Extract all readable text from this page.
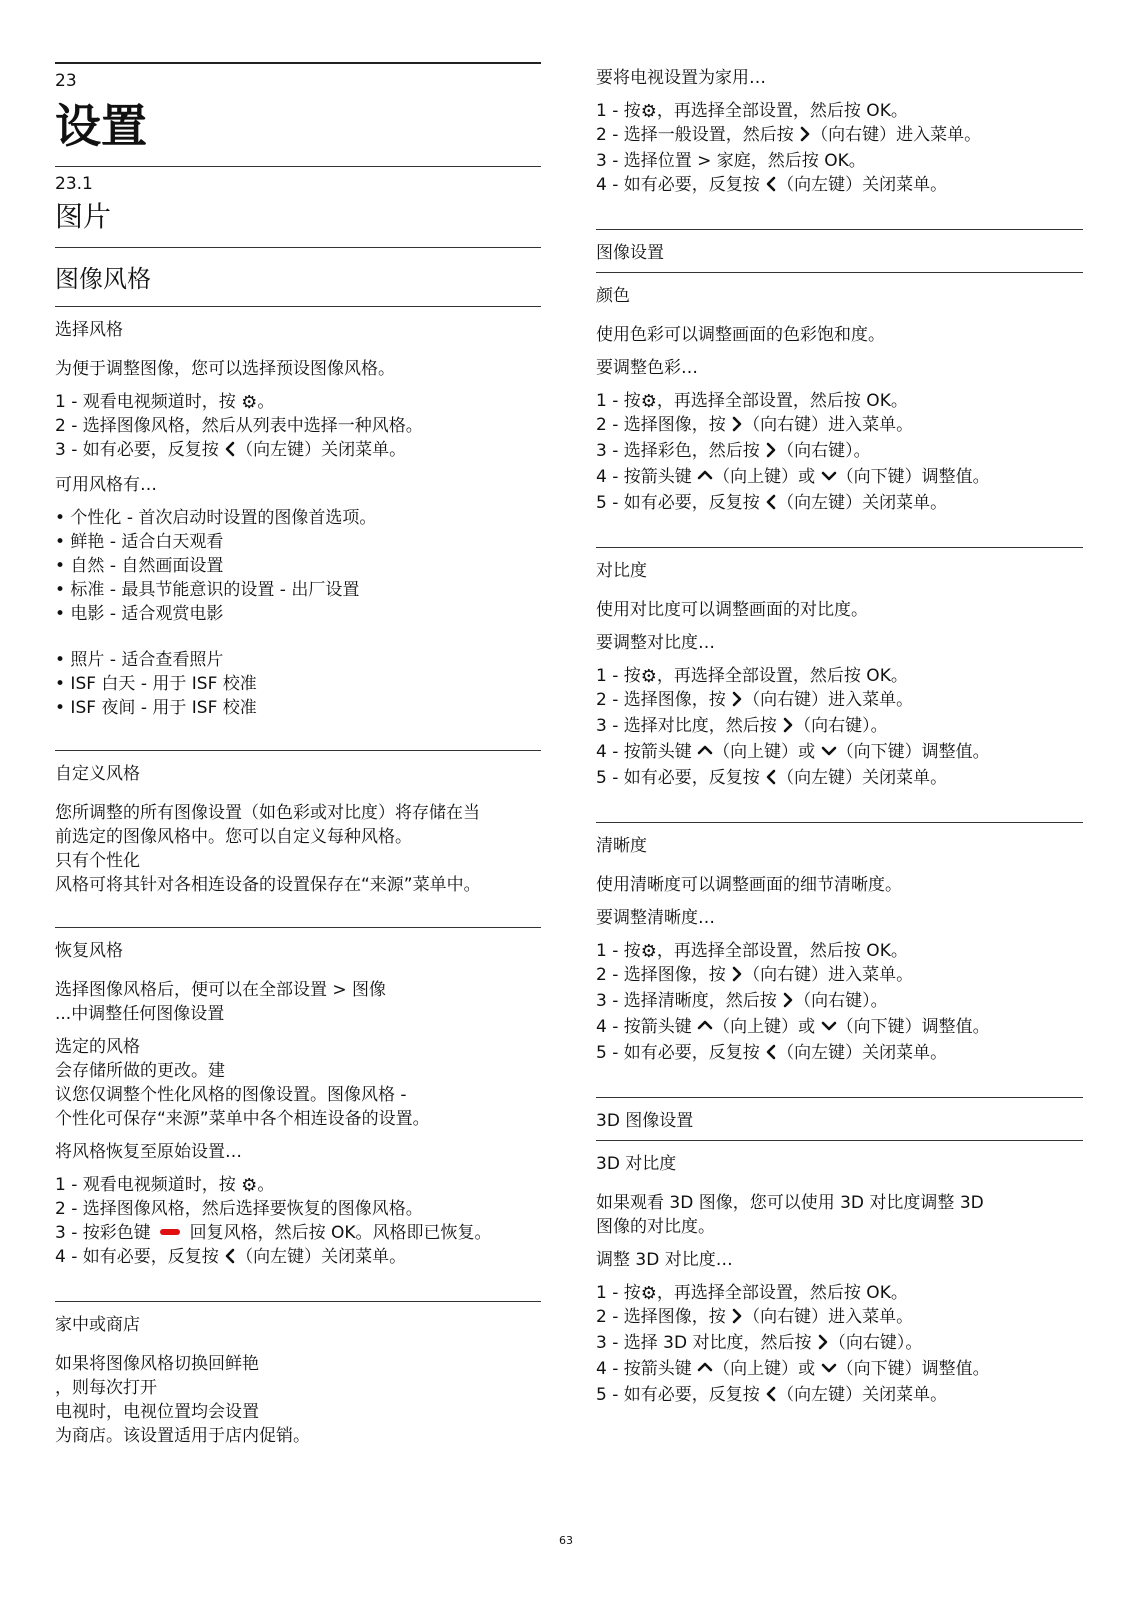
23
设置
23.1
图片
图像风格
选择风格

为便于调整图像，您可以选择预设图像风格。

1 - 观看电视频道时，按 ⚙。

2 - 选择图像风格，然后从列表中选择一种风格。

3 - 如有必要，反复按 （向左键）关闭菜单。

可用风格有…

• 个性化 - 首次启动时设置的图像首选项。

• 鲜艳 - 适合白天观看

• 自然 - 自然画面设置

• 标准 - 最具节能意识的设置 - 出厂设置

• 电影 - 适合观赏电影

• 照片 - 适合查看照片

• ISF 白天 - 用于 ISF 校准

• ISF 夜间 - 用于 ISF 校准

自定义风格

您所调整的所有图像设置（如色彩或对比度）将存储在当

前选定的图像风格中。您可以自定义每种风格。

只有个性化

风格可将其针对各相连设备的设置保存在“来源”菜单中。

恢复风格

选择图像风格后，便可以在全部设置 > 图像

...中调整任何图像设置

选定的风格

会存储所做的更改。建

议您仅调整个性化风格的图像设置。图像风格 -

个性化可保存“来源”菜单中各个相连设备的设置。

将风格恢复至原始设置…

1 - 观看电视频道时，按 ⚙。

2 - 选择图像风格，然后选择要恢复的图像风格。

3 - 按彩色键  回复风格，然后按 OK。风格即已恢复。

4 - 如有必要，反复按 （向左键）关闭菜单。

家中或商店

如果将图像风格切换回鲜艳

，则每次打开

电视时，电视位置均会设置

为商店。该设置适用于店内促销。

要将电视设置为家用…

1 - 按⚙，再选择全部设置，然后按 OK。

2 - 选择一般设置，然后按 （向右键）进入菜单。

3 - 选择位置 > 家庭，然后按 OK。

4 - 如有必要，反复按 （向左键）关闭菜单。

图像设置
颜色

使用色彩可以调整画面的色彩饱和度。

要调整色彩…

1 - 按⚙，再选择全部设置，然后按 OK。

2 - 选择图像，按 （向右键）进入菜单。

3 - 选择彩色，然后按 （向右键）。

4 - 按箭头键 （向上键）或 （向下键）调整值。

5 - 如有必要，反复按 （向左键）关闭菜单。

对比度

使用对比度可以调整画面的对比度。

要调整对比度…

1 - 按⚙，再选择全部设置，然后按 OK。

2 - 选择图像，按 （向右键）进入菜单。

3 - 选择对比度，然后按 （向右键）。

4 - 按箭头键 （向上键）或 （向下键）调整值。

5 - 如有必要，反复按 （向左键）关闭菜单。

清晰度

使用清晰度可以调整画面的细节清晰度。

要调整清晰度…

1 - 按⚙，再选择全部设置，然后按 OK。

2 - 选择图像，按 （向右键）进入菜单。

3 - 选择清晰度，然后按 （向右键）。

4 - 按箭头键 （向上键）或 （向下键）调整值。

5 - 如有必要，反复按 （向左键）关闭菜单。

3D 图像设置
3D 对比度

如果观看 3D 图像，您可以使用 3D 对比度调整 3D

图像的对比度。

调整 3D 对比度…

1 - 按⚙，再选择全部设置，然后按 OK。

2 - 选择图像，按 （向右键）进入菜单。

3 - 选择 3D 对比度，然后按 （向右键）。

4 - 按箭头键 （向上键）或 （向下键）调整值。

5 - 如有必要，反复按 （向左键）关闭菜单。

63
